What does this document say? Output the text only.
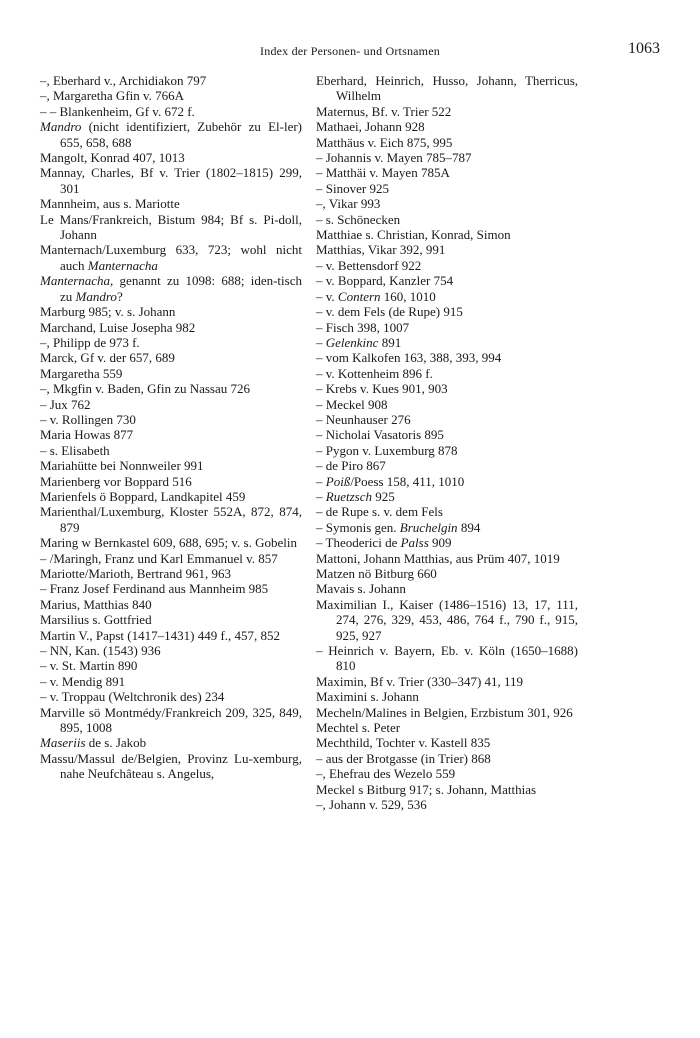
Index der Personen- und Ortsnamen	1063
–, Eberhard v., Archidiakon 797
–, Margaretha Gfin v. 766A
– – Blankenheim, Gf v. 672 f.
Mandro (nicht identifiziert, Zubehör zu El-ler) 655, 658, 688
Mangolt, Konrad 407, 1013
Mannay, Charles, Bf v. Trier (1802–1815) 299, 301
Mannheim, aus s. Mariotte
Le Mans/Frankreich, Bistum 984; Bf s. Pi-doll, Johann
Manternach/Luxemburg 633, 723; wohl nicht auch Manternacha
Manternacha, genannt zu 1098: 688; iden-tisch zu Mandro?
Marburg 985; v. s. Johann
Marchand, Luise Josepha 982
–, Philipp de 973 f.
Marck, Gf v. der 657, 689
Margaretha 559
–, Mkgfin v. Baden, Gfin zu Nassau 726
– Jux 762
– v. Rollingen 730
Maria Howas 877
– s. Elisabeth
Mariahütte bei Nonnweiler 991
Marienberg vor Boppard 516
Marienfels ö Boppard, Landkapitel 459
Marienthal/Luxemburg, Kloster 552A, 872, 874, 879
Maring w Bernkastel 609, 688, 695; v. s. Gobelin
– /Maringh, Franz und Karl Emmanuel v. 857
Mariotte/Marioth, Bertrand 961, 963
– Franz Josef Ferdinand aus Mannheim 985
Marius, Matthias 840
Marsilius s. Gottfried
Martin V., Papst (1417–1431) 449 f., 457, 852
– NN, Kan. (1543) 936
– v. St. Martin 890
– v. Mendig 891
– v. Troppau (Weltchronik des) 234
Marville sö Montmédy/Frankreich 209, 325, 849, 895, 1008
Maseriis de s. Jakob
Massu/Massul de/Belgien, Provinz Lu-xemburg, nahe Neufchâteau s. Angelus,
Eberhard, Heinrich, Husso, Johann, Therricus, Wilhelm
Maternus, Bf. v. Trier 522
Mathaei, Johann 928
Matthäus v. Eich 875, 995
– Johannis v. Mayen 785–787
– Matthäi v. Mayen 785A
– Sinover 925
–, Vikar 993
– s. Schönecken
Matthiae s. Christian, Konrad, Simon
Matthias, Vikar 392, 991
– v. Bettensdorf 922
– v. Boppard, Kanzler 754
– v. Contern 160, 1010
– v. dem Fels (de Rupe) 915
– Fisch 398, 1007
– Gelenkinc 891
– vom Kalkofen 163, 388, 393, 994
– v. Kottenheim 896 f.
– Krebs v. Kues 901, 903
– Meckel 908
– Neunhauser 276
– Nicholai Vasatoris 895
– Pygon v. Luxemburg 878
– de Piro 867
– Poiß/Poess 158, 411, 1010
– Ruetzsch 925
– de Rupe s. v. dem Fels
– Symonis gen. Bruchelgin 894
– Theoderici de Palss 909
Mattoni, Johann Matthias, aus Prüm 407, 1019
Matzen nö Bitburg 660
Mavais s. Johann
Maximilian I., Kaiser (1486–1516) 13, 17, 111, 274, 276, 329, 453, 486, 764 f., 790 f., 915, 925, 927
– Heinrich v. Bayern, Eb. v. Köln (1650–1688) 810
Maximin, Bf v. Trier (330–347) 41, 119
Maximini s. Johann
Mecheln/Malines in Belgien, Erzbistum 301, 926
Mechtel s. Peter
Mechthild, Tochter v. Kastell 835
– aus der Brotgasse (in Trier) 868
–, Ehefrau des Wezelo 559
Meckel s Bitburg 917; s. Johann, Matthias
–, Johann v. 529, 536
